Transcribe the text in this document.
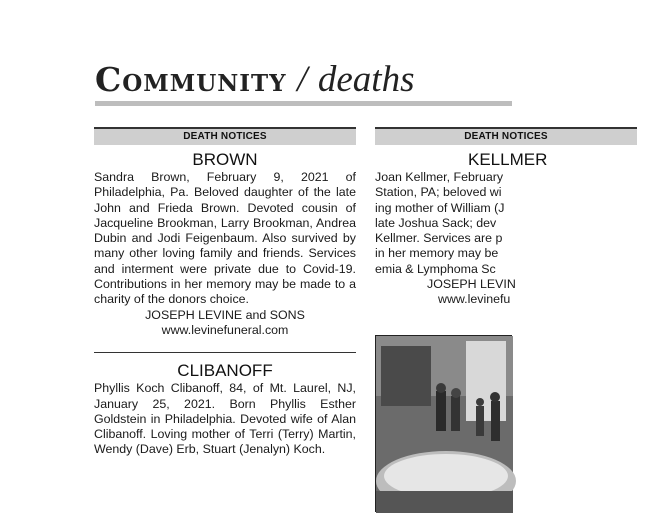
Community / deaths
DEATH NOTICES
BROWN
Sandra Brown, February 9, 2021 of Philadelphia, Pa. Beloved daughter of the late John and Frieda Brown. Devoted cousin of Jacqueline Brookman, Larry Brookman, Andrea Dubin and Jodi Feigenbaum. Also survived by many other loving family and friends. Services and interment were private due to Covid-19. Contributions in her memory may be made to a charity of the donors choice.
JOSEPH LEVINE and SONS
www.levinefuneral.com
CLIBANOFF
Phyllis Koch Clibanoff, 84, of Mt. Laurel, NJ, January 25, 2021. Born Phyllis Esther Goldstein in Philadelphia. Devoted wife of Alan Clibanoff. Loving mother of Terri (Terry) Martin, Wendy (Dave) Erb, Stuart (Jenalyn) Koch.
DEATH NOTICES
KELLMER
Joan Kellmer, February
Station, PA; beloved wi
ing mother of William (J
late Joshua Sack; dev
Kellmer. Services are p
in her memory may be
emia & Lymphoma Sc
JOSEPH LEVIN
www.levinefu
